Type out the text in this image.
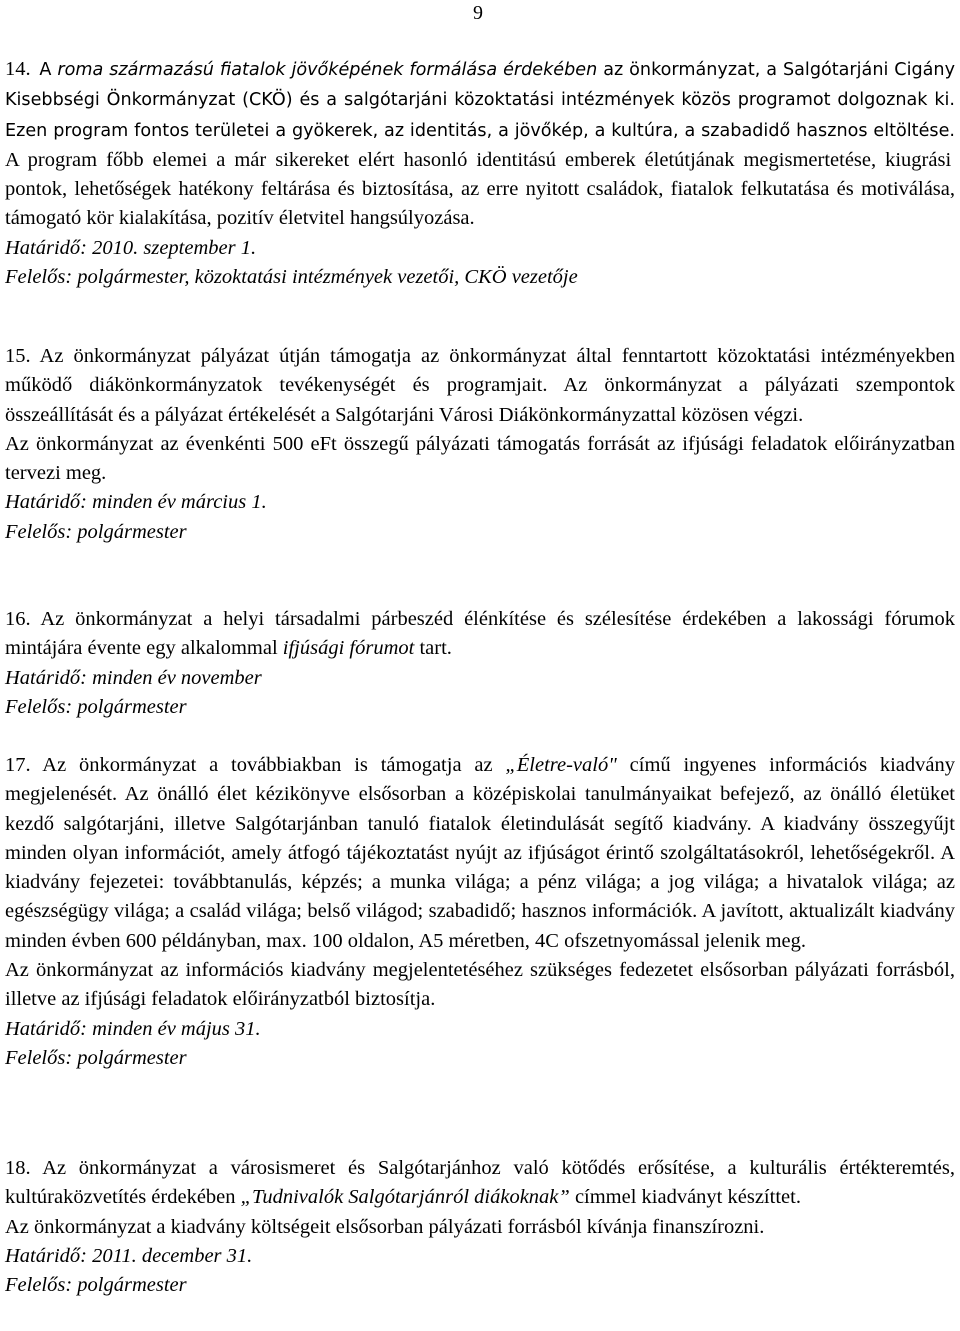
9

14.  A roma származású fiatalok jövőképének formálása érdekében az önkormányzat, a Salgótarjáni Cigány Kisebbségi Önkormányzat (CKÖ) és a salgótarjáni közoktatási intézmények közös programot dolgoznak ki. Ezen program fontos területei a gyökerek, az identitás, a jövőkép, a kultúra, a szabadidő hasznos eltöltése. A program főbb elemei a már sikereket elért hasonló identitású emberek életútjának megismertetése, kiugrási pontok, lehetőségek hatékony feltárása és biztosítása, az erre nyitott családok, fiatalok felkutatása és motiválása, támogató kör kialakítása, pozitív életvitel hangsúlyozása.

Határidő: 2010. szeptember 1.

Felelős: polgármester, közoktatási intézmények vezetői, CKÖ vezetője

15. Az önkormányzat pályázat útján támogatja az önkormányzat által fenntartott közoktatási intézményekben működő diákönkormányzatok tevékenységét és programjait. Az önkormányzat a pályázati szempontok összeállítását és a pályázat értékelését a Salgótarjáni Városi Diákönkormányzattal közösen végzi.

Az önkormányzat az évenkénti 500 eFt összegű pályázati támogatás forrását az ifjúsági feladatok előirányzatban tervezi meg.

Határidő: minden év március 1.

Felelős: polgármester

16. Az önkormányzat a helyi társadalmi párbeszéd élénkítése és szélesítése érdekében a lakossági fórumok mintájára évente egy alkalommal ifjúsági fórumot tart.

Határidő: minden év november

Felelős: polgármester

17. Az önkormányzat a továbbiakban is támogatja az „Életre-való" című ingyenes információs kiadvány megjelenését. Az önálló élet kézikönyve elsősorban a középiskolai tanulmányaikat befejező, az önálló életüket kezdő salgótarjáni, illetve Salgótarjánban tanuló fiatalok életindulását segítő kiadvány. A kiadvány összegyűjt minden olyan információt, amely átfogó tájékoztatást nyújt az ifjúságot érintő szolgáltatásokról, lehetőségekről. A kiadvány fejezetei: továbbtanulás, képzés; a munka világa; a pénz világa; a jog világa; a hivatalok világa; az egészségügy világa; a család világa; belső világod; szabadidő; hasznos információk. A javított, aktualizált kiadvány minden évben 600 példányban, max. 100 oldalon, A5 méretben, 4C ofszetnyomással jelenik meg.

Az önkormányzat az információs kiadvány megjelentetéséhez szükséges fedezetet elsősorban pályázati forrásból, illetve az ifjúsági feladatok előirányzatból biztosítja.

Határidő: minden év május 31.

Felelős: polgármester

18. Az önkormányzat a városismeret és Salgótarjánhoz való kötődés erősítése, a kulturális értékteremtés, kultúraközvetítés érdekében „Tudnivalók Salgótarjánról diákoknak” címmel kiadványt készíttet.

Az önkormányzat a kiadvány költségeit elsősorban pályázati forrásból kívánja finanszírozni.

Határidő: 2011. december 31.

Felelős: polgármester
